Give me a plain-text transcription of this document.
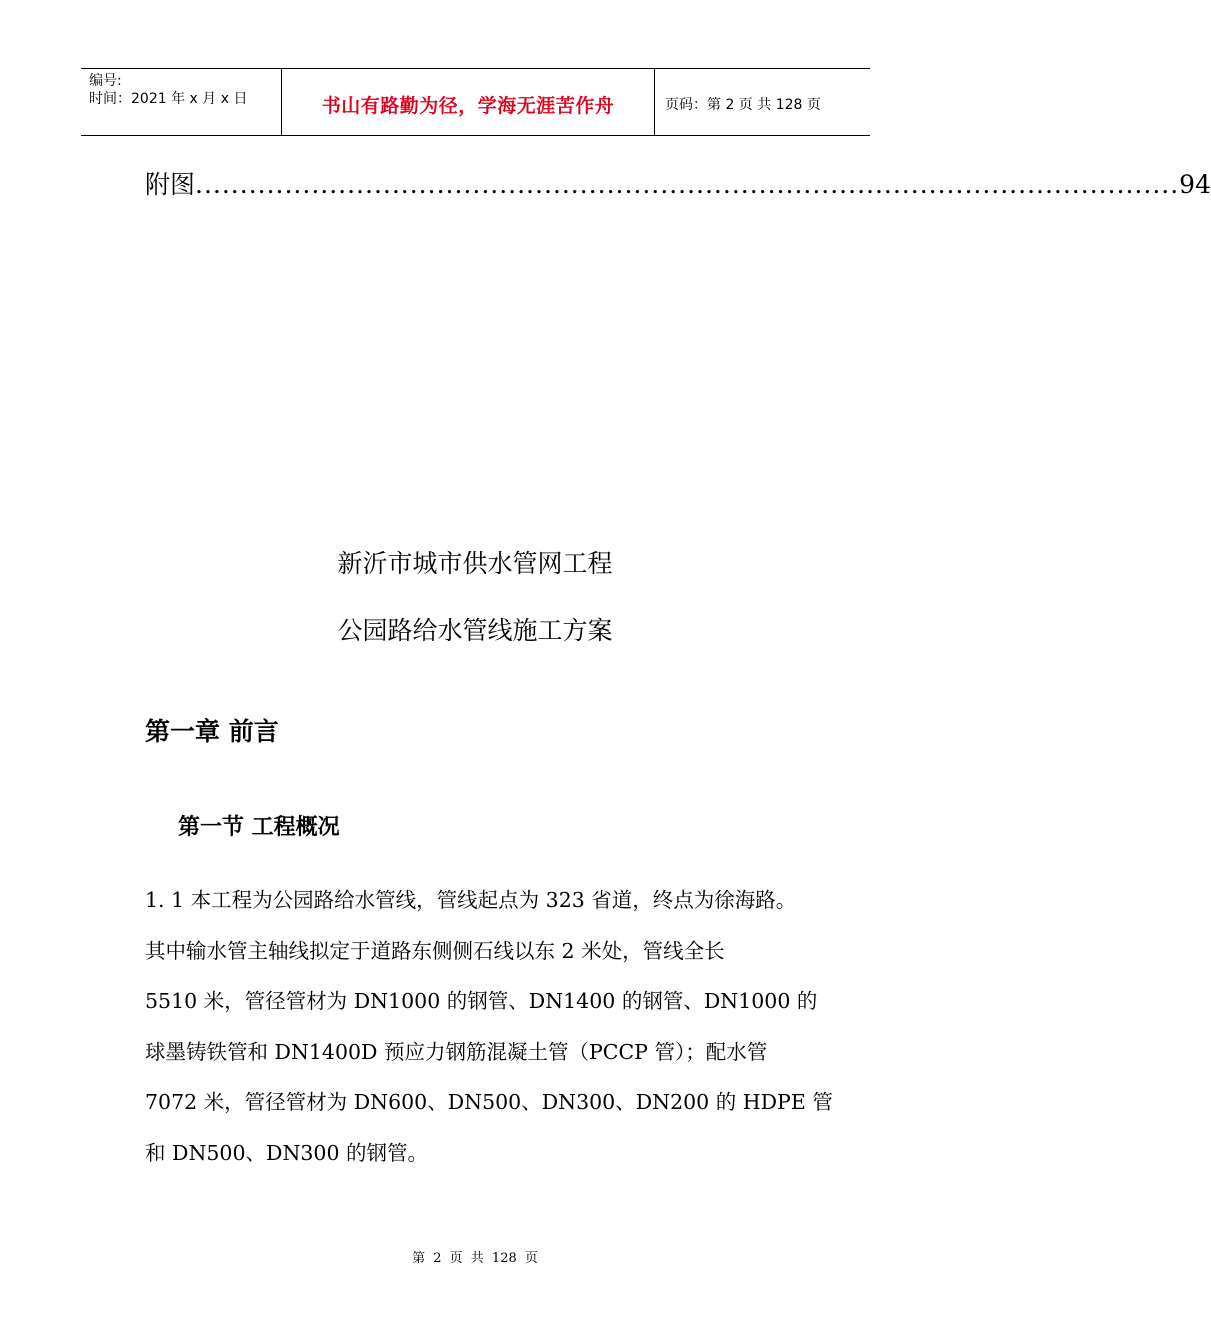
编号:
时间：2021 年 x 月 x 日	书山有路勤为径，学海无涯苦作舟	页码：第 2 页 共 128 页
附图 .............................................................................................................. 94
新沂市城市供水管网工程
公园路给水管线施工方案
第一章 前言
第一节 工程概况
1. 1 本工程为公园路给水管线，管线起点为 323 省道，终点为徐海路。
其中输水管主轴线拟定于道路东侧侧石线以东 2 米处，管线全长
5510 米，管径管材为 DN1000 的钢管、DN1400 的钢管、DN1000 的
球墨铸铁管和 DN1400D 预应力钢筋混凝土管（PCCP 管）；配水管
7072 米，管径管材为 DN600、DN500、DN300、DN200 的 HDPE 管
和 DN500、DN300 的钢管。
第 2 页 共 128 页
